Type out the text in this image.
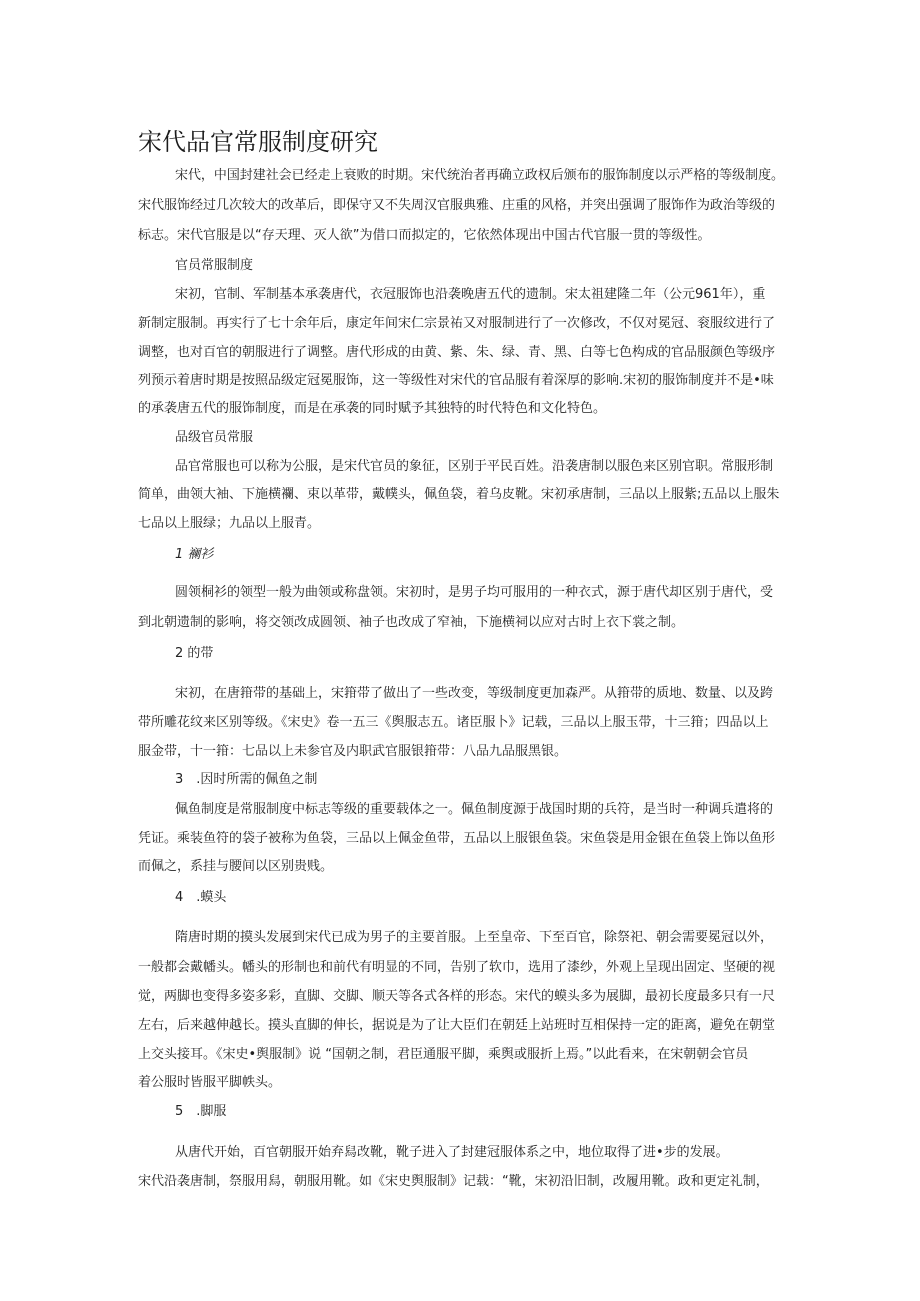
宋代品官常服制度研究

宋代，中国封建社会已经走上衰败的时期。宋代统治者再确立政权后颁布的服饰制度以示严格的等级制度。

宋代服饰经过几次较大的改革后，即保守又不失周汉官服典雅、庄重的风格，并突出强调了服饰作为政治等级的

标志。宋代官服是以“存天理、灭人欲”为借口而拟定的，它依然体现出中国古代官服一贯的等级性。

官员常服制度

宋初，官制、军制基本承袭唐代，衣冠服饰也沿袭晚唐五代的遗制。宋太祖建隆二年（公元961年），重

新制定服制。再实行了七十余年后，康定年间宋仁宗景祐又对服制进行了一次修改，不仅对冕冠、衮服纹进行了

调整，也对百官的朝服进行了调整。唐代形成的由黄、紫、朱、绿、青、黑、白等七色构成的官品服颜色等级序

列预示着唐时期是按照品级定冠冕服饰，这一等级性对宋代的官品服有着深厚的影响.宋初的服饰制度并不是•味

的承袭唐五代的服饰制度，而是在承袭的同时赋予其独特的时代特色和文化特色。

品级官员常服

品官常服也可以称为公服，是宋代官员的象征，区别于平民百姓。沿袭唐制以服色来区别官职。常服形制

简单，曲领大袖、下施横襴、束以革带，戴幞头，佩鱼袋，着乌皮靴。宋初承唐制，三品以上服紫;五品以上服朱

七品以上服绿；九品以上服青。

1 襕衫

圆领桐衫的领型一般为曲领或称盘领。宋初时，是男子均可服用的一种衣式，源于唐代却区别于唐代，受

到北朝遗制的影响，将交领改成圆领、袖子也改成了窄袖，下施横祠以应对古时上衣下裳之制。

2 的带

宋初，在唐箝带的基础上，宋箝带了做出了一些改变，等级制度更加森严。从箝带的质地、数量、以及跨

带所雕花纹来区别等级。《宋史》卷一五三《舆服志五。诸臣服卜》记载，三品以上服玉带，十三箝；四品以上

服金带，十一箝：七品以上未参官及内职武官服银箝带：八品九品服黑银。

3　.因时所需的佩鱼之制

佩鱼制度是常服制度中标志等级的重要载体之一。佩鱼制度源于战国时期的兵符，是当时一种调兵遣将的

凭证。乘装鱼符的袋子被称为鱼袋，三品以上佩金鱼带，五品以上服银鱼袋。宋鱼袋是用金银在鱼袋上饰以鱼形

而佩之，系挂与腰间以区别贵贱。

4　.蟆头

隋唐时期的摸头发展到宋代已成为男子的主要首服。上至皇帝、下至百官，除祭祀、朝会需要冕冠以外，

一般都会戴幡头。幡头的形制也和前代有明显的不同，告别了软巾，选用了漆纱，外观上呈现出固定、坚硬的视

觉，两脚也变得多姿多彩，直脚、交脚、顺天等各式各样的形态。宋代的蟆头多为展脚，最初长度最多只有一尺

左右，后来越伸越长。摸头直脚的伸长，据说是为了让大臣们在朝廷上站班时互相保持一定的距离，避免在朝堂

上交头接耳。《宋史•舆服制》说 “国朝之制，君臣通服平脚，乘舆或服折上焉。”以此看来，在宋朝朝会官员

着公服时皆服平脚帙头。

5　.脚服

从唐代开始，百官朝服开始弃舄改靴，靴子进入了封建冠服体系之中，地位取得了进•步的发展。

宋代沿袭唐制，祭服用舄，朝服用靴。如《宋史舆服制》记载：“靴，宋初沿旧制，改履用靴。政和更定礼制，
